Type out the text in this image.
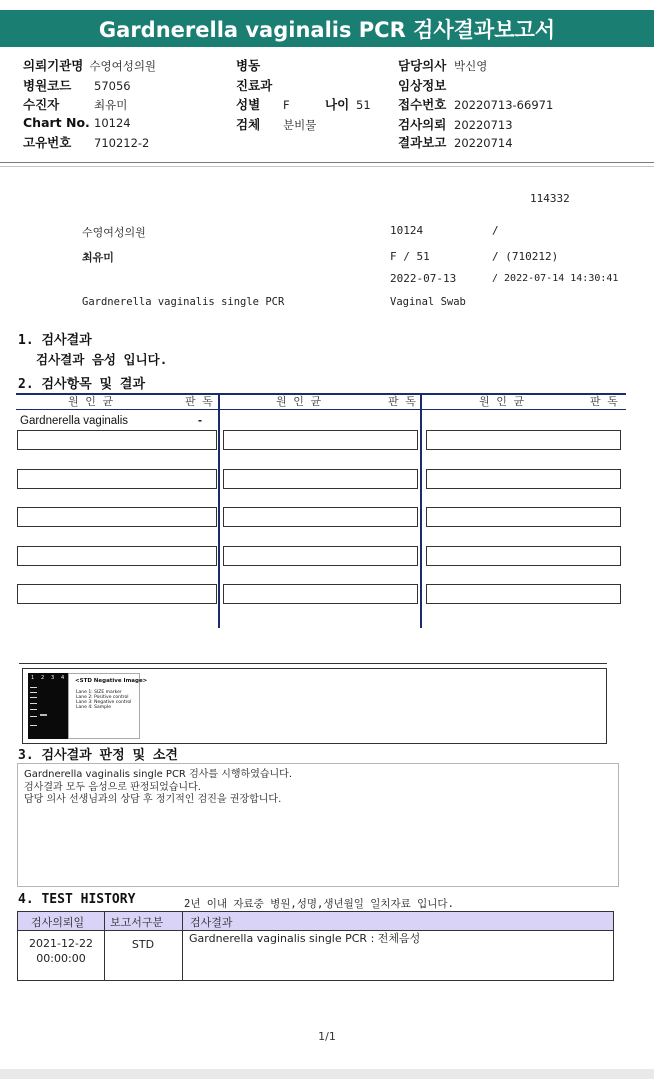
Gardnerella vaginalis PCR 검사결과보고서
의뢰기관명 수영여성의원
병원코드	57056
수진자	최유미
Chart No. 10124
고유번호	710212-2
병동
진료과
성별	F	나이 51
검체	분비물
담당의사 박신영
임상정보
접수번호 20220713-66971
검사의뢰 20220713
결과보고 20220714
114332
수영여성의원	10124	/
최유미	F / 51	/ (710212)
2022-07-13	/ 2022-07-14 14:30:41
Gardnerella vaginalis single PCR	Vaginal Swab
1. 검사결과
검사결과 음성 입니다.
2. 검사항목 및 결과
원 인 균	판 독	원 인 균	판 독	원 인 균	판 독
Gardnerella vaginalis	-
1 2 3 4 <STD Negative Image>
Lane 1: SIZE marker
Lane 2: Positive control
Lane 3: Negative control
Lane 4: Sample
3. 검사결과 판정 및 소견
Gardnerella vaginalis single PCR 검사를 시행하였습니다.
검사결과 모두 음성으로 판정되었습니다.
담당 의사 선생님과의 상담 후 정기적인 검진을 권장합니다.
4. TEST HISTORY	2년 이내 자료중 병원,성명,생년월일 일치자료 입니다.
검사의뢰일 보고서구분 검사결과
2021-12-22
00:00:00
STD	Gardnerella vaginalis single PCR : 전체음성
1/1
